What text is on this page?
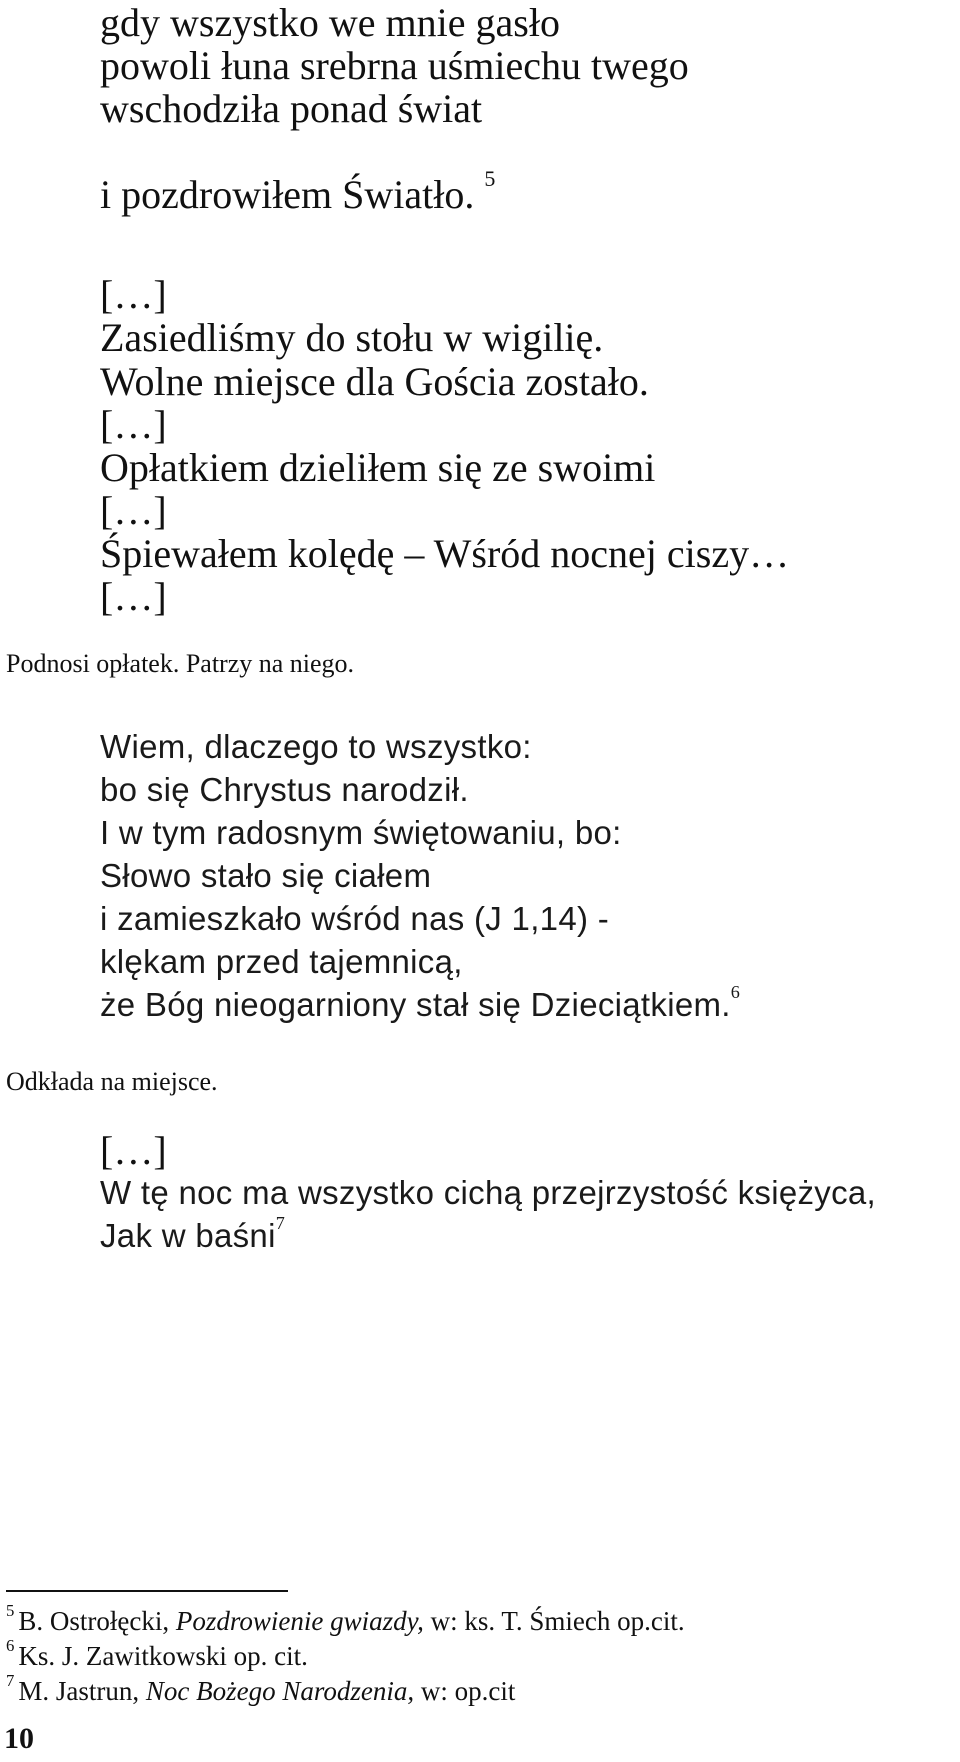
gdy wszystko we mnie gasło
powoli łuna srebrna uśmiechu twego
wschodziła ponad świat
i pozdrowiłem Światło. $^5$
[…]
Zasiedliśmy do stołu w wigilię.
Wolne miejsce dla Gościa zostało.
[…]
Opłatkiem dzieliłem się ze swoimi
[…]
Śpiewałem kolędę – Wśród nocnej ciszy…
[…]
Podnosi opłatek. Patrzy na niego.
Wiem, dlaczego to wszystko:
bo się Chrystus narodził.
I w tym radosnym świętowaniu, bo:
Słowo stało się ciałem
i zamieszkało wśród nas (J 1,14) -
klękam przed tajemnicą,
że Bóg nieogarniony stał się Dzieciątkiem.$^6$
Odkłada na miejsce.
[…]
W tę noc ma wszystko cichą przejrzystość księżyca,
Jak w baśni$^7$
$^5$ B. Ostrołęcki, Pozdrowienie gwiazdy, w: ks. T. Śmiech op.cit.
$^6$ Ks. J. Zawitkowski op. cit.
$^7$ M. Jastrun, Noc Bożego Narodzenia, w: op.cit
10
